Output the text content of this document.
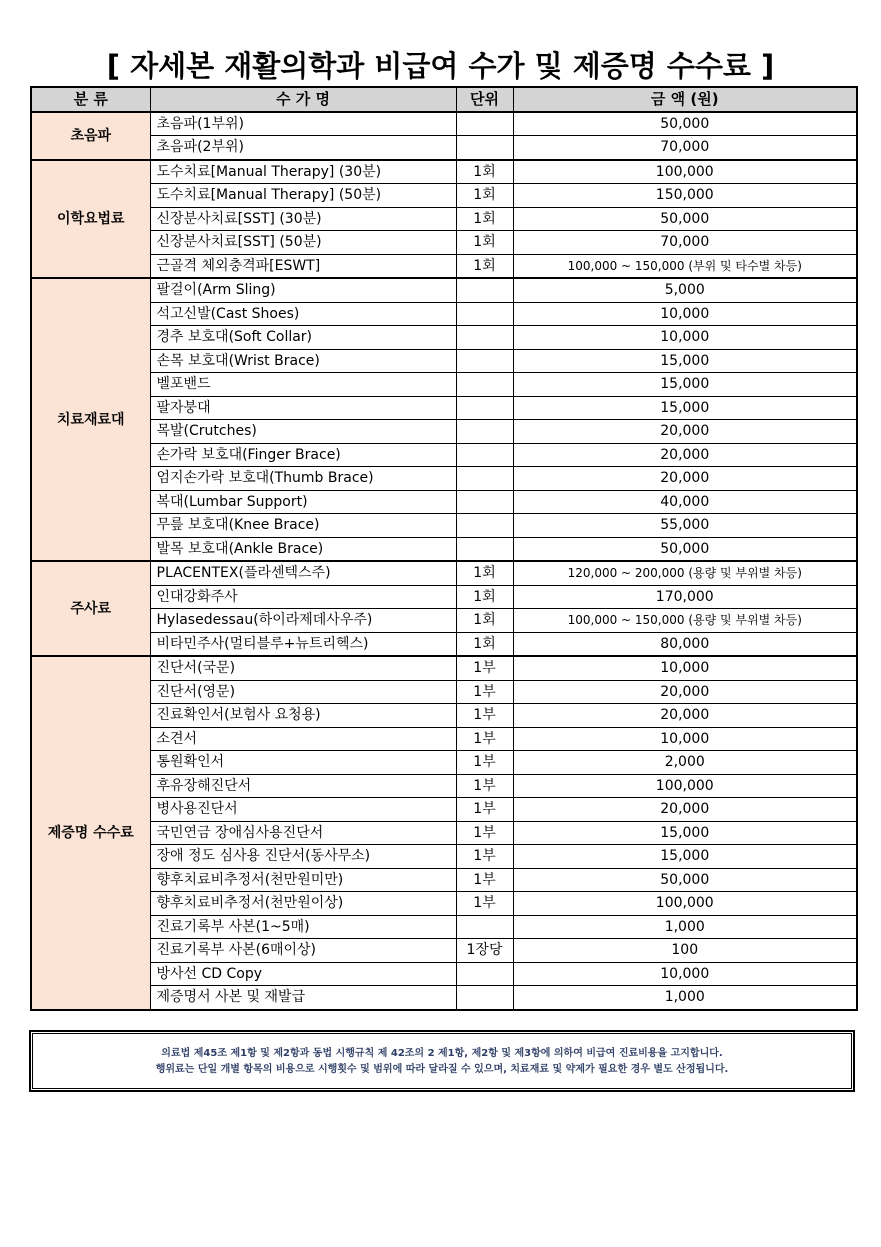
[ 자세본 재활의학과 비급여 수가 및 제증명 수수료 ]
분 류	수 가 명	단위	금 액 (원)
초음파	초음파(1부위)		50,000
	초음파(2부위)		70,000
이학요법료	도수치료[Manual Therapy] (30분)	1회	100,000
	도수치료[Manual Therapy] (50분)	1회	150,000
	신장분사치료[SST] (30분)	1회	50,000
	신장분사치료[SST] (50분)	1회	70,000
	근골격 체외충격파[ESWT]	1회	100,000 ~ 150,000 (부위 및 타수별 차등)
치료재료대	팔걸이(Arm Sling)		5,000
	석고신발(Cast Shoes)		10,000
	경추 보호대(Soft Collar)		10,000
	손목 보호대(Wrist Brace)		15,000
	벨포밴드		15,000
	팔자붕대		15,000
	목발(Crutches)		20,000
	손가락 보호대(Finger Brace)		20,000
	엄지손가락 보호대(Thumb Brace)		20,000
	복대(Lumbar Support)		40,000
	무릎 보호대(Knee Brace)		55,000
	발목 보호대(Ankle Brace)		50,000
주사료	PLACENTEX(플라센텍스주)	1회	120,000 ~ 200,000 (용량 및 부위별 차등)
	인대강화주사	1회	170,000
	Hylasedessau(하이라제데사우주)	1회	100,000 ~ 150,000 (용량 및 부위별 차등)
	비타민주사(멀티블루+뉴트리헥스)	1회	80,000
제증명 수수료	진단서(국문)	1부	10,000
	진단서(영문)	1부	20,000
	진료확인서(보험사 요청용)	1부	20,000
	소견서	1부	10,000
	통원확인서	1부	2,000
	후유장해진단서	1부	100,000
	병사용진단서	1부	20,000
	국민연금 장애심사용진단서	1부	15,000
	장애 정도 심사용 진단서(동사무소)	1부	15,000
	향후치료비추정서(천만원미만)	1부	50,000
	향후치료비추정서(천만원이상)	1부	100,000
	진료기록부 사본(1~5매)		1,000
	진료기록부 사본(6매이상)	1장당	100
	방사선 CD Copy		10,000
	제증명서 사본 및 재발급		1,000

의료법 제45조 제1항 및 제2항과 동법 시행규칙 제 42조의 2 제1항, 제2항 및 제3항에 의하여 비급여 진료비용을 고지합니다.

행위료는 단일 개별 항목의 비용으로 시행횟수 및 범위에 따라 달라질 수 있으며, 치료재료 및 약제가 필요한 경우 별도 산정됩니다.
